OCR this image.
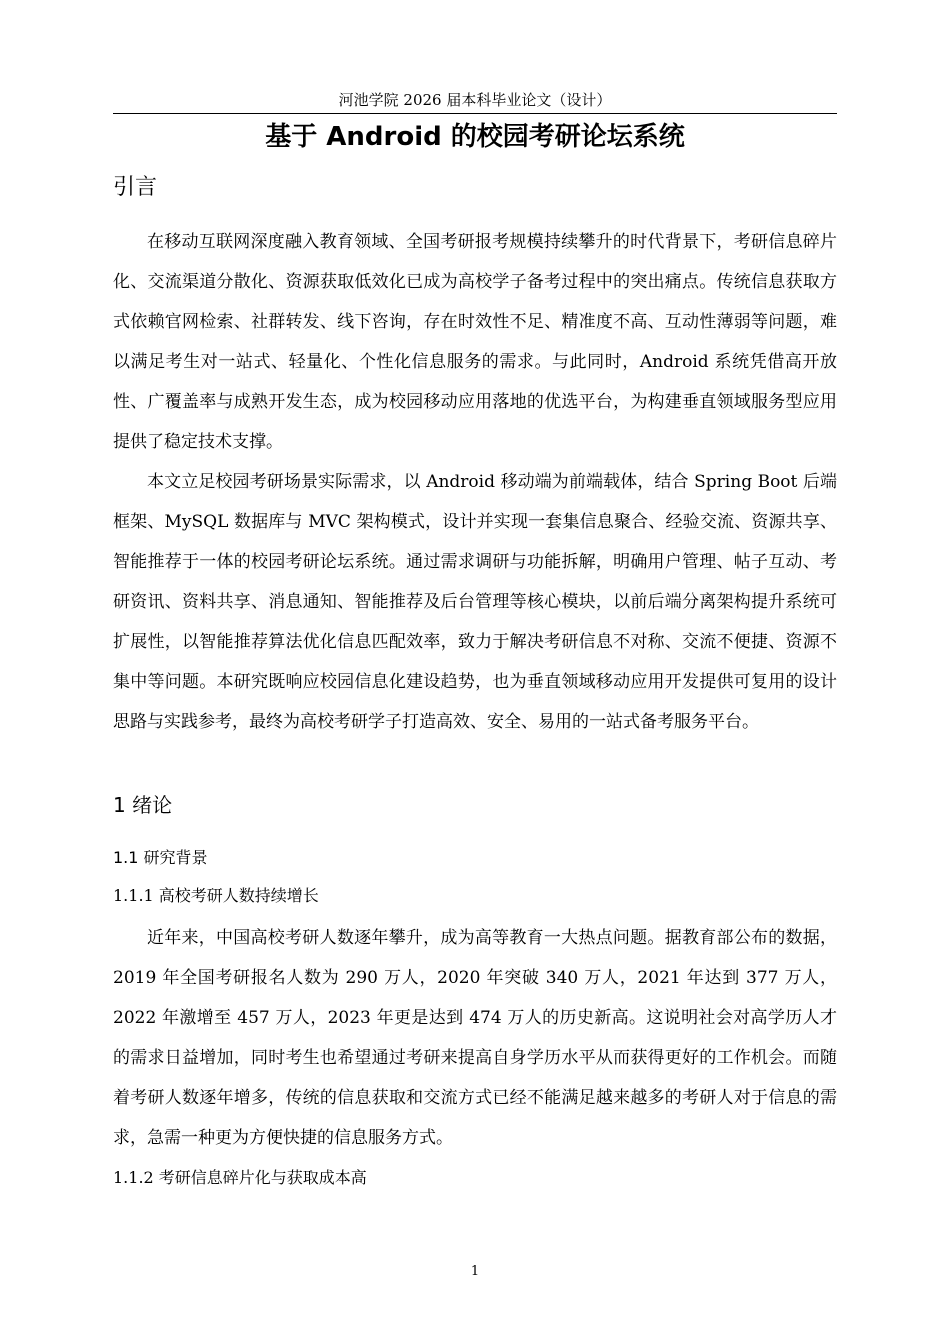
河池学院 2026 届本科毕业论文（设计）
基于 Android 的校园考研论坛系统
引言

在移动互联网深度融入教育领域、全国考研报考规模持续攀升的时代背景下，考研信息碎片化、交流渠道分散化、资源获取低效化已成为高校学子备考过程中的突出痛点。传统信息获取方式依赖官网检索、社群转发、线下咨询，存在时效性不足、精准度不高、互动性薄弱等问题，难以满足考生对一站式、轻量化、个性化信息服务的需求。与此同时，Android 系统凭借高开放性、广覆盖率与成熟开发生态，成为校园移动应用落地的优选平台，为构建垂直领域服务型应用提供了稳定技术支撑。

本文立足校园考研场景实际需求，以 Android 移动端为前端载体，结合 Spring Boot 后端框架、MySQL 数据库与 MVC 架构模式，设计并实现一套集信息聚合、经验交流、资源共享、智能推荐于一体的校园考研论坛系统。通过需求调研与功能拆解，明确用户管理、帖子互动、考研资讯、资料共享、消息通知、智能推荐及后台管理等核心模块，以前后端分离架构提升系统可扩展性，以智能推荐算法优化信息匹配效率，致力于解决考研信息不对称、交流不便捷、资源不集中等问题。本研究既响应校园信息化建设趋势，也为垂直领域移动应用开发提供可复用的设计思路与实践参考，最终为高校考研学子打造高效、安全、易用的一站式备考服务平台。

1 绪论
1.1 研究背景
1.1.1 高校考研人数持续增长

近年来，中国高校考研人数逐年攀升，成为高等教育一大热点问题。据教育部公布的数据，2019 年全国考研报名人数为 290 万人，2020 年突破 340 万人，2021 年达到 377 万人，2022 年激增至 457 万人，2023 年更是达到 474 万人的历史新高。这说明社会对高学历人才的需求日益增加，同时考生也希望通过考研来提高自身学历水平从而获得更好的工作机会。而随着考研人数逐年增多，传统的信息获取和交流方式已经不能满足越来越多的考研人对于信息的需求，急需一种更为方便快捷的信息服务方式。

1.1.2 考研信息碎片化与获取成本高
1
